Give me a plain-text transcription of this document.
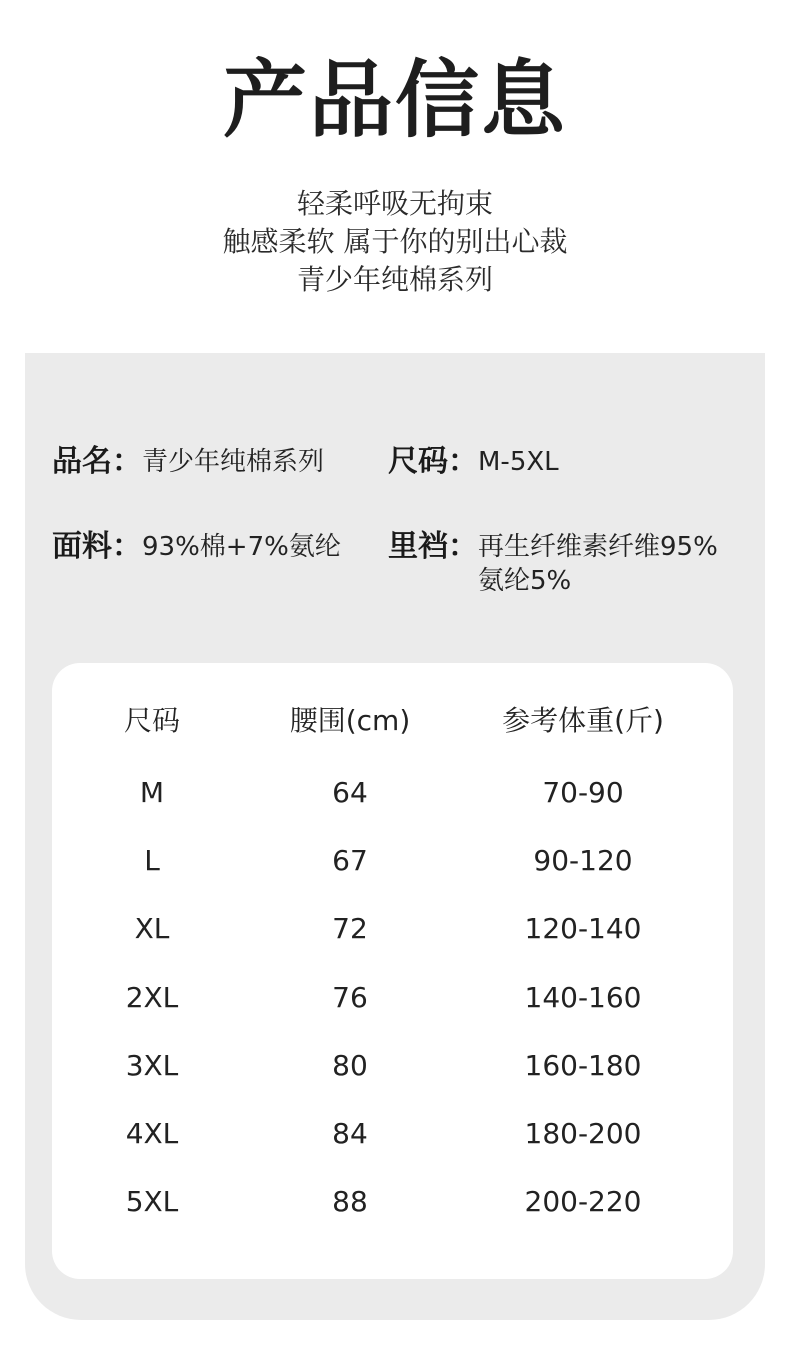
产品信息
轻柔呼吸无拘束
触感柔软 属于你的别出心裁
青少年纯棉系列
品名：青少年纯棉系列 尺码：M-5XL
面料：93%棉+7%氨纶 里裆：再生纤维素纤维95%
氨纶5%
尺码	腰围(cm)	参考体重(斤)
M	64	70-90
L	67	90-120
XL	72	120-140
2XL	76	140-160
3XL	80	160-180
4XL	84	180-200
5XL	88	200-220
